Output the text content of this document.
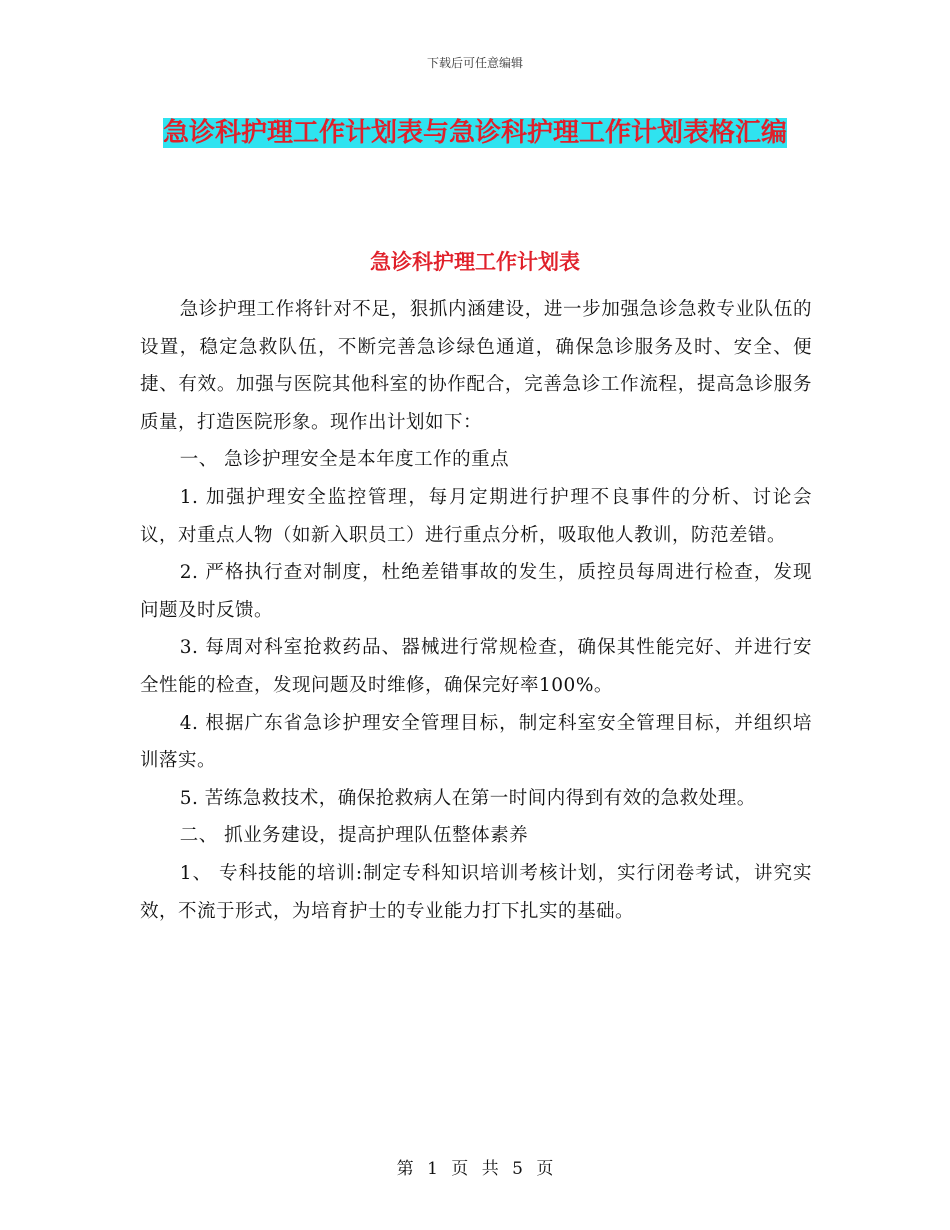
下载后可任意编辑
急诊科护理工作计划表与急诊科护理工作计划表格汇编
急诊科护理工作计划表

急诊护理工作将针对不足，狠抓内涵建设，进一步加强急诊急救专业队伍的设置，稳定急救队伍，不断完善急诊绿色通道，确保急诊服务及时、安全、便捷、有效。加强与医院其他科室的协作配合，完善急诊工作流程，提高急诊服务质量，打造医院形象。现作出计划如下：

一、 急诊护理安全是本年度工作的重点

1. 加强护理安全监控管理，每月定期进行护理不良事件的分析、讨论会议，对重点人物（如新入职员工）进行重点分析，吸取他人教训，防范差错。

2. 严格执行查对制度，杜绝差错事故的发生，质控员每周进行检查，发现问题及时反馈。

3. 每周对科室抢救药品、器械进行常规检查，确保其性能完好、并进行安全性能的检查，发现问题及时维修，确保完好率100%。

4. 根据广东省急诊护理安全管理目标，制定科室安全管理目标，并组织培训落实。

5. 苦练急救技术，确保抢救病人在第一时间内得到有效的急救处理。

二、 抓业务建设，提高护理队伍整体素养

1、 专科技能的培训:制定专科知识培训考核计划，实行闭卷考试，讲究实效，不流于形式，为培育护士的专业能力打下扎实的基础。

第 1 页 共 5 页
